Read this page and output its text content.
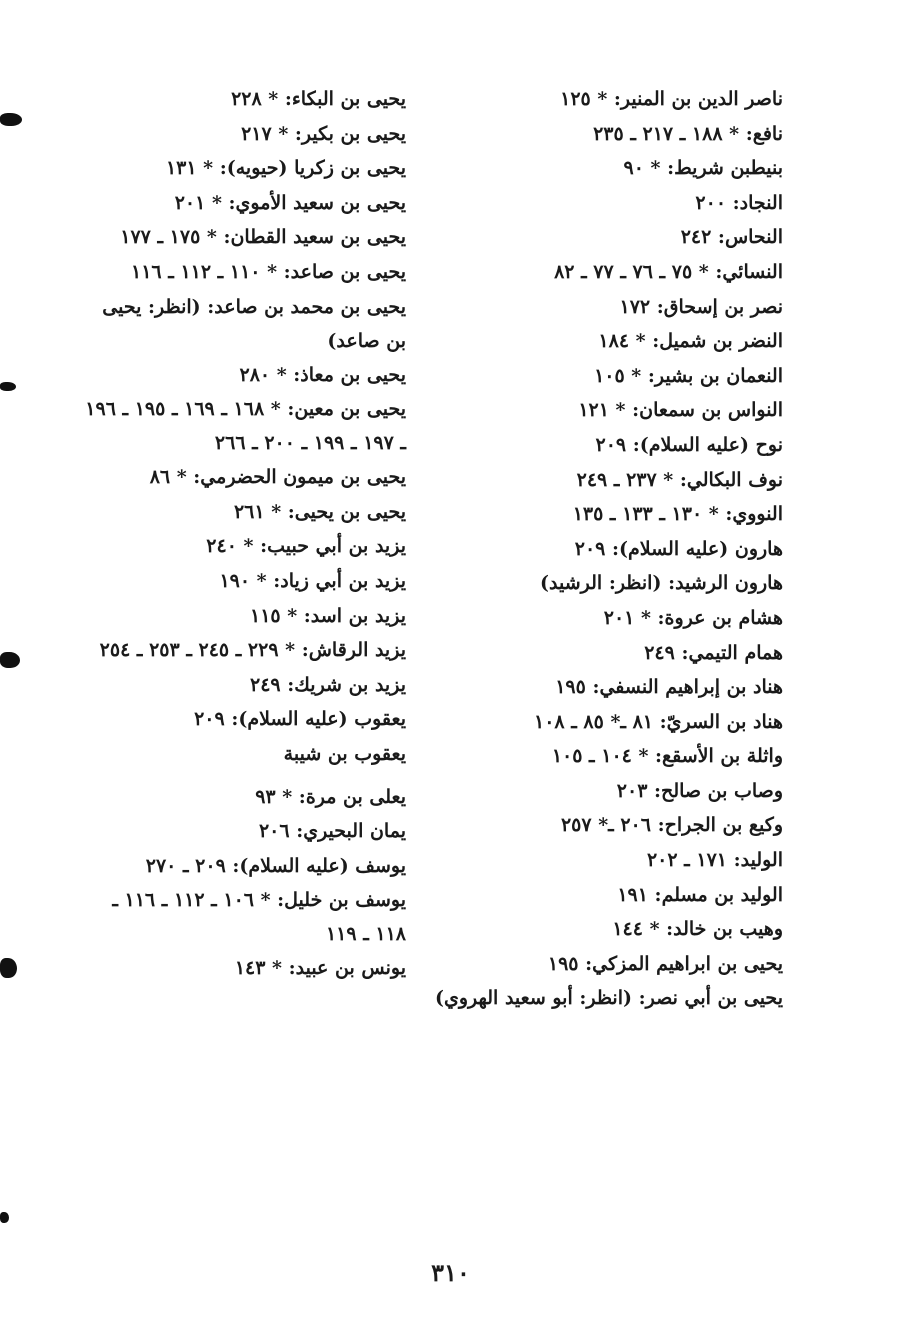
ناصر الدين بن المنير: * ١٢٥
نافع: * ١٨٨ ـ ٢١٧ ـ ٢٣٥
بنيطبن شريط: * ٩٠
النجاد: ٢٠٠
النحاس: ٢٤٢
النسائي: * ٧٥ ـ ٧٦ ـ ٧٧ ـ ٨٢
نصر بن إسحاق: ١٧٢
النضر بن شميل: * ١٨٤
النعمان بن بشير: * ١٠٥
النواس بن سمعان: * ١٢١
نوح (عليه السلام): ٢٠٩
نوف البكالي: * ٢٣٧ ـ ٢٤٩
النووي: * ١٣٠ ـ ١٣٣ ـ ١٣٥
هارون (عليه السلام): ٢٠٩
هارون الرشيد: (انظر: الرشيد)
هشام بن عروة: * ٢٠١
همام التيمي: ٢٤٩
هناد بن إبراهيم النسفي: ١٩٥
هناد بن السريّ: ٨١ ـ* ٨٥ ـ ١٠٨
واثلة بن الأسقع: * ١٠٤ ـ ١٠٥
وصاب بن صالح: ٢٠٣
وكيع بن الجراح: ٢٠٦ ـ* ٢٥٧
الوليد: ١٧١ ـ ٢٠٢
الوليد بن مسلم: ١٩١
وهيب بن خالد: * ١٤٤
يحيى بن ابراهيم المزكي: ١٩٥
يحيى بن أبي نصر: (انظر: أبو سعيد الهروي)
يحيى بن البكاء: * ٢٢٨
يحيى بن بكير: * ٢١٧
يحيى بن زكريا (حيويه): * ١٣١
يحيى بن سعيد الأموي: * ٢٠١
يحيى بن سعيد القطان: * ١٧٥ ـ ١٧٧
يحيى بن صاعد: * ١١٠ ـ ١١٢ ـ ١١٦
يحيى بن محمد بن صاعد: (انظر: يحيى بن صاعد)
يحيى بن معاذ: * ٢٨٠
يحيى بن معين: * ١٦٨ ـ ١٦٩ ـ ١٩٥ ـ ١٩٦ ـ ١٩٧ ـ ١٩٩ ـ ٢٠٠ ـ ٢٦٦
يحيى بن ميمون الحضرمي: * ٨٦
يحيى بن يحيى: * ٢٦١
يزيد بن أبي حبيب: * ٢٤٠
يزيد بن أبي زياد: * ١٩٠
يزيد بن اسد: * ١١٥
يزيد الرقاش: * ٢٢٩ ـ ٢٤٥ ـ ٢٥٣ ـ ٢٥٤
يزيد بن شريك: ٢٤٩
يعقوب (عليه السلام): ٢٠٩
يعقوب بن شيبة
يعلى بن مرة: * ٩٣
يمان البحيري: ٢٠٦
يوسف (عليه السلام): ٢٠٩ ـ ٢٧٠
يوسف بن خليل: * ١٠٦ ـ ١١٢ ـ ١١٦ ـ ١١٨ ـ ١١٩
يونس بن عبيد: * ١٤٣
٣١٠
